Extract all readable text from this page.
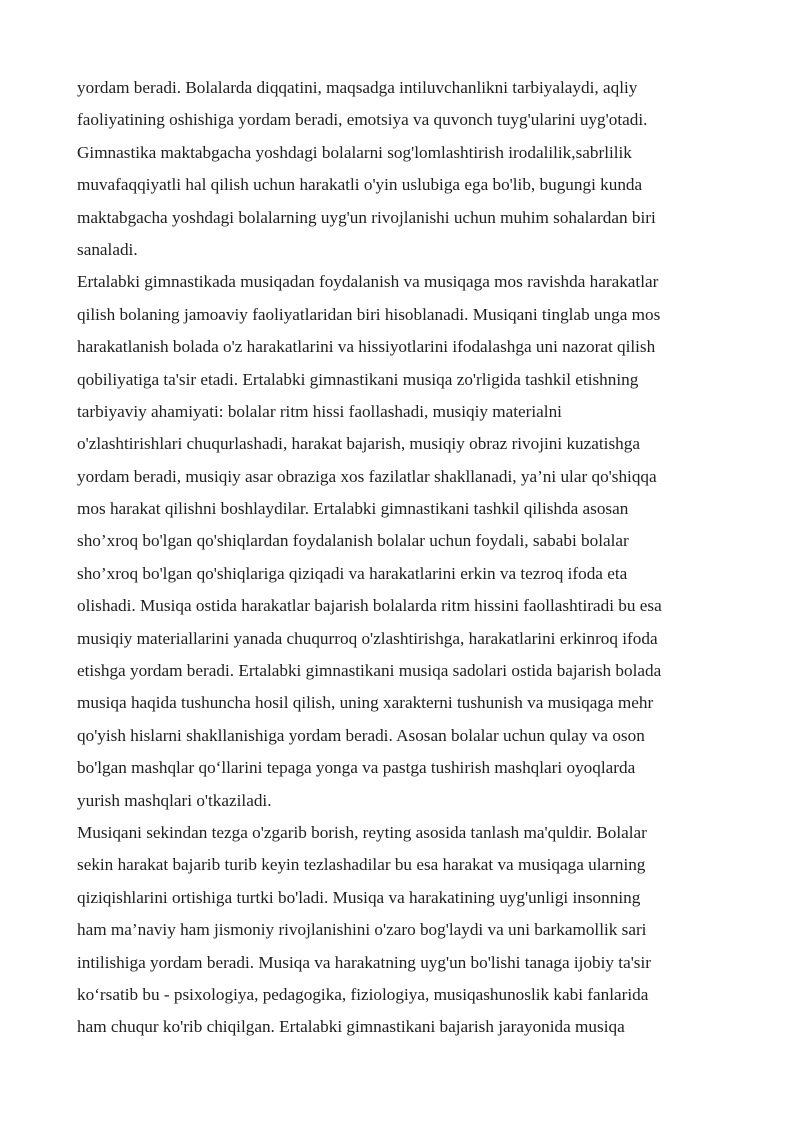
yordam beradi. Bolalarda diqqatini, maqsadga intiluvchanlikni tarbiyalaydi, aqliy
faoliyatining oshishiga yordam beradi, emotsiya va quvonch tuyg'ularini uyg'otadi.
Gimnastika maktabgacha yoshdagi bolalarni sog'lomlashtirish irodalilik,sabrlilik
muvafaqqiyatli hal qilish uchun harakatli o'yin uslubiga ega bo'lib, bugungi kunda
maktabgacha yoshdagi bolalarning uyg'un rivojlanishi uchun muhim sohalardan biri
sanaladi.
Ertalabki gimnastikada musiqadan foydalanish va musiqaga mos ravishda harakatlar
qilish bolaning jamoaviy faoliyatlaridan biri hisoblanadi. Musiqani tinglab unga mos
harakatlanish bolada o'z harakatlarini va hissiyotlarini ifodalashga uni nazorat qilish
qobiliyatiga ta'sir etadi. Ertalabki gimnastikani musiqa zo'rligida tashkil etishning
tarbiyaviy ahamiyati: bolalar ritm hissi faollashadi, musiqiy materialni
o'zlashtirishlari chuqurlashadi, harakat bajarish, musiqiy obraz rivojini kuzatishga
yordam beradi, musiqiy asar obraziga xos fazilatlar shakllanadi, ya’ni ular qo'shiqqa
mos harakat qilishni boshlaydilar. Ertalabki gimnastikani tashkil qilishda asosan
sho’xroq bo'lgan qo'shiqlardan foydalanish bolalar uchun foydali, sababi bolalar
sho’xroq bo'lgan qo'shiqlariga qiziqadi va harakatlarini erkin va tezroq ifoda eta
olishadi. Musiqa ostida harakatlar bajarish bolalarda ritm hissini faollashtiradi bu esa
musiqiy materiallarini yanada chuqurroq o'zlashtirishga, harakatlarini erkinroq ifoda
etishga yordam beradi. Ertalabki gimnastikani musiqa sadolari ostida bajarish bolada
musiqa haqida tushuncha hosil qilish, uning xarakterni tushunish va musiqaga mehr
qo'yish hislarni shakllanishiga yordam beradi. Asosan bolalar uchun qulay va oson
bo'lgan mashqlar qo‘llarini tepaga yonga va pastga tushirish mashqlari oyoqlarda
yurish mashqlari o'tkaziladi.
Musiqani sekindan tezga o'zgarib borish, reyting asosida tanlash ma'quldir. Bolalar
sekin harakat bajarib turib keyin tezlashadilar bu esa harakat va musiqaga ularning
qiziqishlarini ortishiga turtki bo'ladi. Musiqa va harakatining uyg'unligi insonning
ham ma’naviy ham jismoniy rivojlanishini o'zaro bog'laydi va uni barkamollik sari
intilishiga yordam beradi. Musiqa va harakatning uyg'un bo'lishi tanaga ijobiy ta'sir
ko‘rsatib bu - psixologiya, pedagogika, fiziologiya, musiqashunoslik kabi fanlarida
ham chuqur ko'rib chiqilgan. Ertalabki gimnastikani bajarish jarayonida musiqa
